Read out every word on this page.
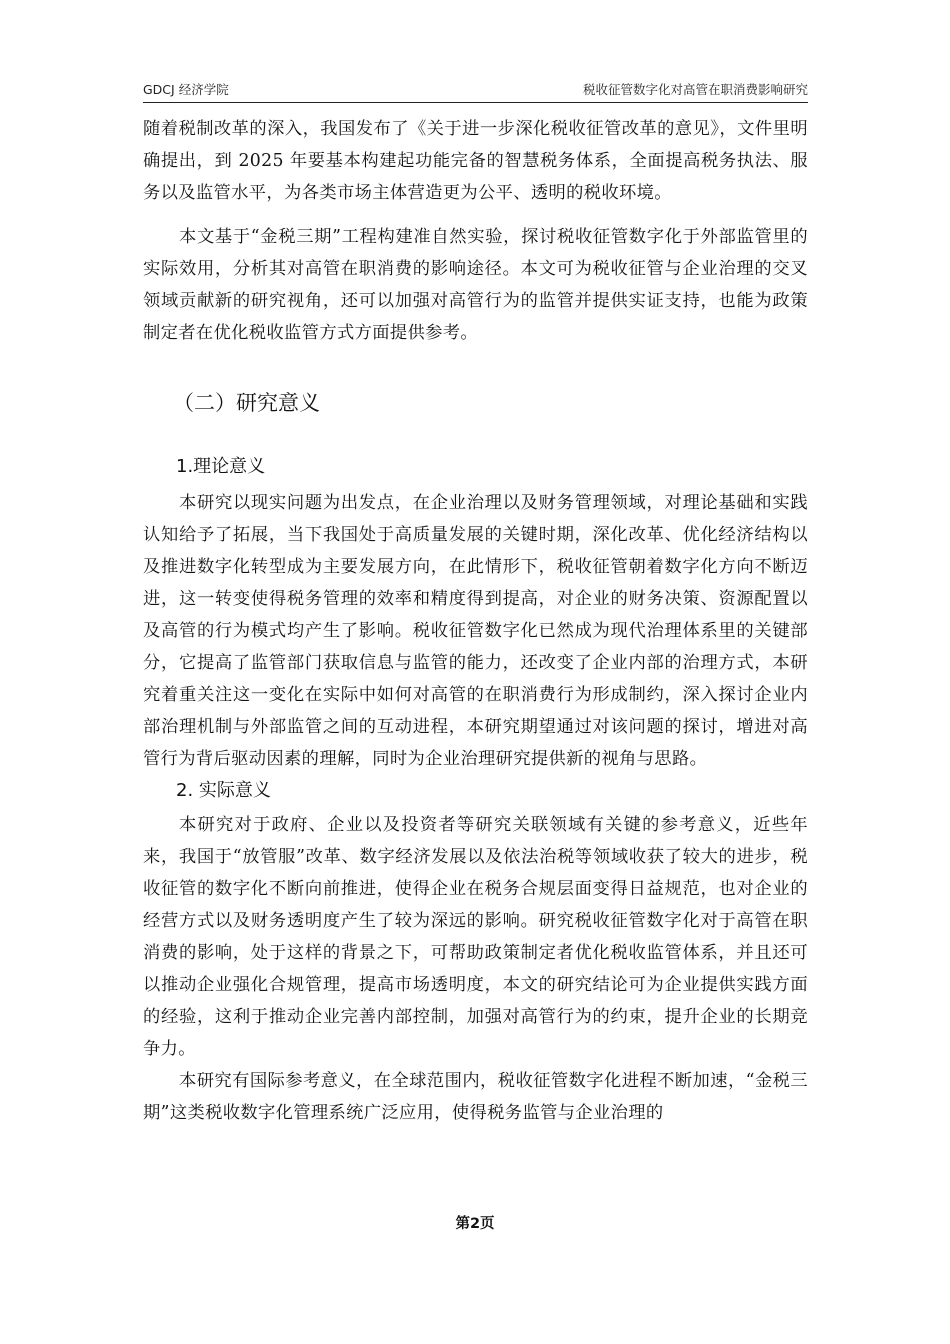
GDCJ 经济学院	税收征管数字化对高管在职消费影响研究

随着税制改革的深入，我国发布了《关于进一步深化税收征管改革的意见》，文件里明确提出，到 2025 年要基本构建起功能完备的智慧税务体系，全面提高税务执法、服务以及监管水平，为各类市场主体营造更为公平、透明的税收环境。

本文基于“金税三期”工程构建准自然实验，探讨税收征管数字化于外部监管里的实际效用，分析其对高管在职消费的影响途径。本文可为税收征管与企业治理的交叉领域贡献新的研究视角，还可以加强对高管行为的监管并提供实证支持，也能为政策制定者在优化税收监管方式方面提供参考。

（二）研究意义
1.理论意义

本研究以现实问题为出发点，在企业治理以及财务管理领域，对理论基础和实践认知给予了拓展，当下我国处于高质量发展的关键时期，深化改革、优化经济结构以及推进数字化转型成为主要发展方向，在此情形下，税收征管朝着数字化方向不断迈进，这一转变使得税务管理的效率和精度得到提高，对企业的财务决策、资源配置以及高管的行为模式均产生了影响。税收征管数字化已然成为现代治理体系里的关键部分，它提高了监管部门获取信息与监管的能力，还改变了企业内部的治理方式，本研究着重关注这一变化在实际中如何对高管的在职消费行为形成制约，深入探讨企业内部治理机制与外部监管之间的互动进程，本研究期望通过对该问题的探讨，增进对高管行为背后驱动因素的理解，同时为企业治理研究提供新的视角与思路。

2. 实际意义

本研究对于政府、企业以及投资者等研究关联领域有关键的参考意义，近些年来，我国于“放管服”改革、数字经济发展以及依法治税等领域收获了较大的进步，税收征管的数字化不断向前推进，使得企业在税务合规层面变得日益规范，也对企业的经营方式以及财务透明度产生了较为深远的影响。研究税收征管数字化对于高管在职消费的影响，处于这样的背景之下，可帮助政策制定者优化税收监管体系，并且还可以推动企业强化合规管理，提高市场透明度，本文的研究结论可为企业提供实践方面的经验，这利于推动企业完善内部控制，加强对高管行为的约束，提升企业的长期竞争力。

本研究有国际参考意义，在全球范围内，税收征管数字化进程不断加速，“金税三期”这类税收数字化管理系统广泛应用，使得税务监管与企业治理的

第2页
